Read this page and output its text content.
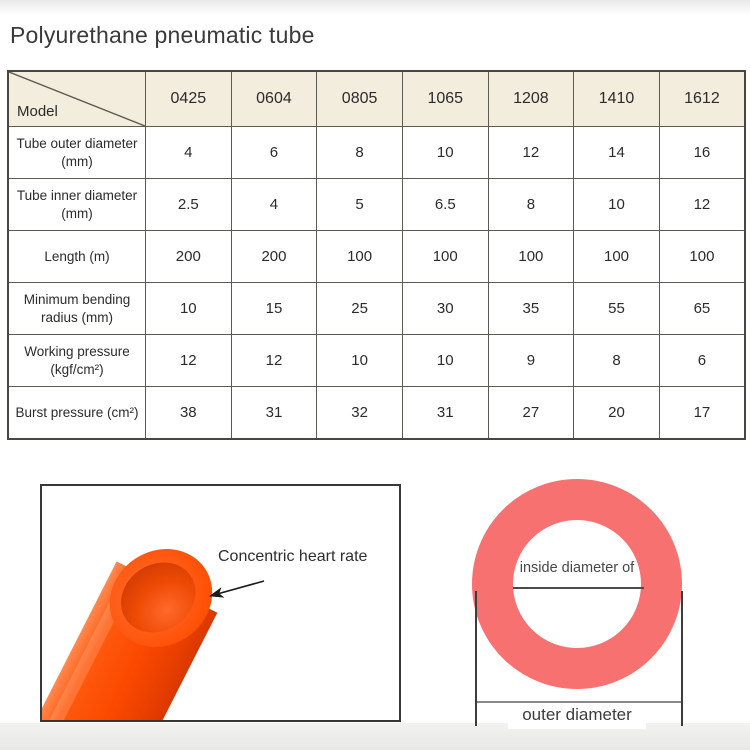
Polyurethane pneumatic tube
Model	0425	0604	0805	1065	1208	1410	1612
Tube outer diameter (mm)	4	6	8	10	12	14	16
Tube inner diameter (mm)	2.5	4	5	6.5	8	10	12
Length (m)	200	200	100	100	100	100	100
Minimum bending radius (mm)	10	15	25	30	35	55	65
Working pressure (kgf/cm²)	12	12	10	10	9	8	6
Burst pressure (cm²)	38	31	32	31	27	20	17
Concentric heart rate
inside diameter of
outer diameter
